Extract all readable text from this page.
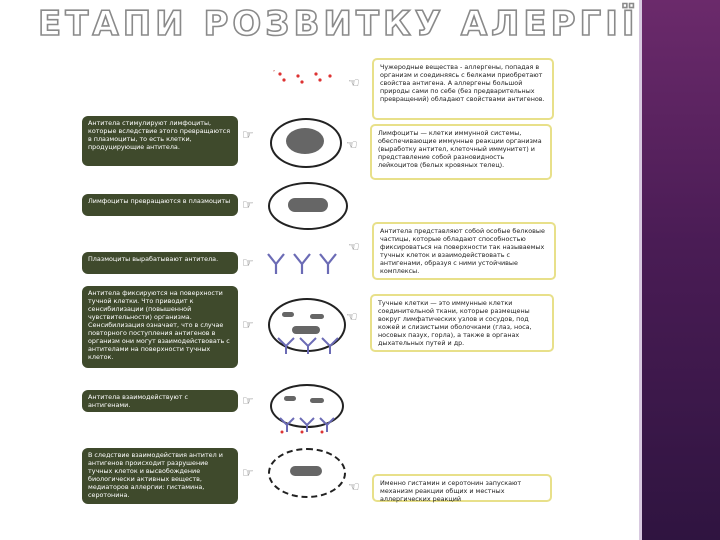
ЕТАПИ РОЗВИТКУ АЛЕРГІЇ
᾿
Чужеродные вещества - аллергены, попадая в организм и соединяясь с белками приобретают свойства антигена. А аллергены большой природы сами по себе (без предварительных превращений) обладают свойствами антигенов.
☜
Антитела стимулируют лимфоциты, которые вследствие этого превращаются в плазмоциты, то есть клетки, продуцирующие антитела.
☞	Лимфоциты — клетки иммунной системы, обеспечивающие иммунные реакции организма (выработку антител, клеточный иммунитет) и представление собой разновидность лейкоцитов (белых кровяных телец).
☜
Лимфоциты превращаются в плазмоциты ☞
Антитела представляют собой особые белковые частицы, которые обладают способностью фиксироваться на поверхности так называемых тучных клеток и взаимодействовать с антигенами, образуя с ними устойчивые комплексы.
☜
Плазмоциты вырабатывают антитела.	☞
Антитела фиксируются на поверхности тучной клетки. Что приводит к сенсибилизации (повышенной чувствительности) организма. Сенсибилизация означает, что в случае повторного поступления антигенов в организм они могут взаимодействовать с антителами на поверхности тучных клеток.
☞
Тучные клетки — это иммунные клетки соединительной ткани, которые размещены вокруг лимфатических узлов и сосудов, под кожей и слизистыми оболочками (глаз, носа, носовых пазух, горла), а также в органах дыхательных путей и др.
☜
Антитела взаимодействуют с антигенами.	☞
В следствие взаимодействия антител и антигенов происходит разрушение тучных клеток и высвобождение биологически активных веществ, медиаторов аллергии: гистамина, серотонина.
☞
Именно гистамин и серотонин запускают механизм реакции общих и местных аллергических реакций
☜
